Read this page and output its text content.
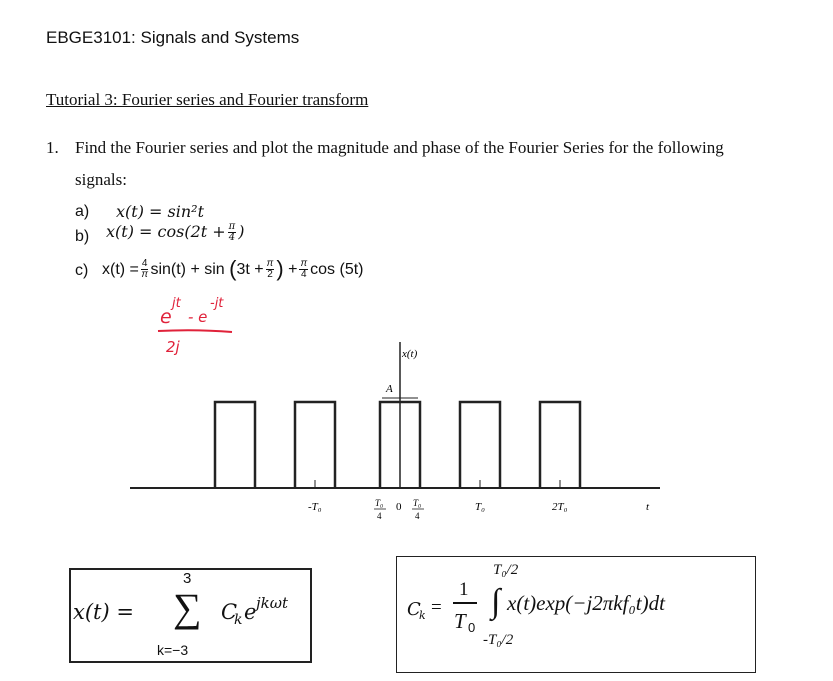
EBGE3101: Signals and Systems
Tutorial 3: Fourier series and Fourier transform
1. Find the Fourier series and plot the magnitude and phase of the Fourier Series for the following
signals:
a) x(t) = sin²t
b) $x(t) = \cos(2t + \frac{\pi}{4}$ )
c) $x(t) = \frac{4}{\pi} \sin(t) + \sin (3t + \frac{\pi}{2}$ ) + $\frac{\pi}{4}$ cos (5t)
jt -jt
e - e
2j	x(t)
A
-T₀	T₀
4
0 T₀
4
T₀	2T₀	t
3
x(t) = ∑ C
k e jkωt
k=−3
C
k =
1
T 0
T₀/2
∫ x(t)exp(−j2πkf₀t)dt
-T₀/2
